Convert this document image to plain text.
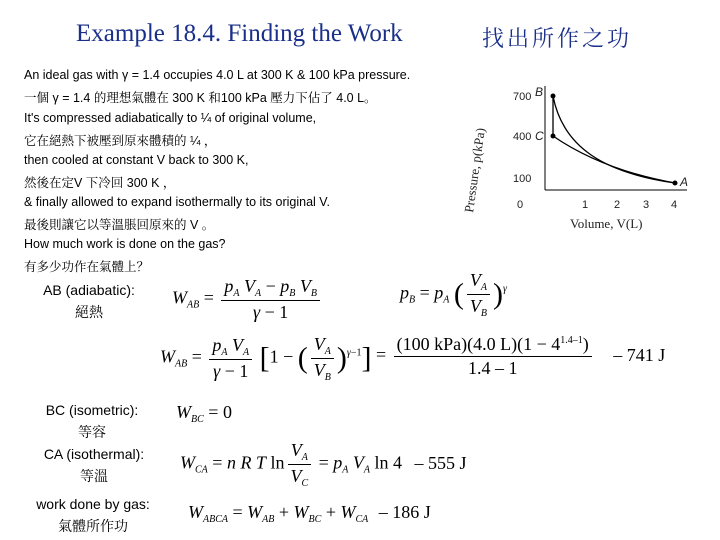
Example 18.4. Finding the Work	找出所作之功
An ideal gas with γ = 1.4 occupies 4.0 L at 300 K & 100 kPa pressure.
一個 γ = 1.4 的理想氣體在 300 K 和100 kPa 壓力下佔了 4.0 L。
It's compressed adiabatically to ¼ of original volume,
它在絕熱下被壓到原來體積的 ¼ ，
then cooled at constant V back to 300 K,
然後在定V 下冷回 300 K ，
& finally allowed to expand isothermally to its original V.
最後則讓它以等溫脹回原來的 V 。
How much work is done on the gas?
有多少功作在氣體上？
Pressure, p(kPa)
700
400
100
0	1 2 3 4
Volume, V(L)
B
C
A
AB (adiabatic):
絕熱
BC (isometric):
等容
CA (isothermal):
等溫
work done by gas:
氣體所作功
$W_{AB} = \frac{p_A V_A - p_B V_B}{\gamma - 1}$	$p_B = p_A$ ( $\frac{V_A}{V_B} )^\gamma$
$W_{AB} = \frac{p_A V_A}{\gamma - 1} [1$ − ( $\frac{V_A}{V_B} )^{\gamma-1}] = \frac{(100 kPa)(4.0 L)(1 - 4^{1.4-1})}{1.4 - 1} - 741$ J
$W_{BC} = 0$
$W_{CA} = n$ R T $\ln \frac{V_A}{V_C} = p_A$ $V_A$ ln 4 – 555 J
$W_{ABCA} = W_{AB} + W_{BC} + W_{CA} - 186$ J
